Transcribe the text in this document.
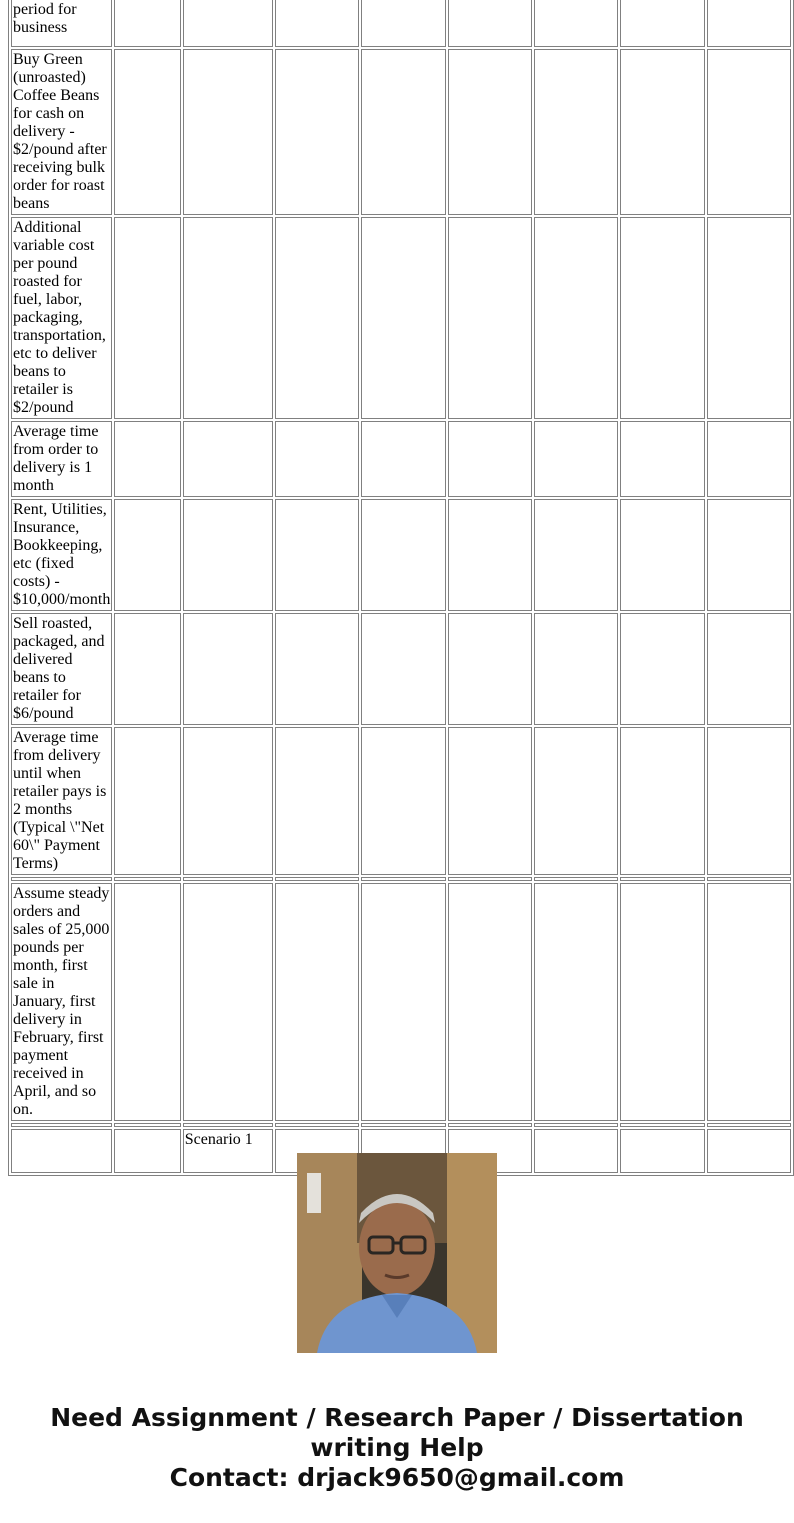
period for business								
Buy Green (unroasted) Coffee Beans for cash on delivery - $2/pound after receiving bulk order for roast beans								
Additional variable cost per pound roasted for fuel, labor, packaging, transportation, etc to deliver beans to retailer is $2/pound								
Average time from order to delivery is 1 month								
Rent, Utilities, Insurance, Bookkeeping, etc (fixed costs) - $10,000/month								
Sell roasted, packaged, and delivered beans to retailer for $6/pound								
Average time from delivery until when retailer pays is 2 months (Typical \"Net 60\" Payment Terms)								

Assume steady orders and sales of 25,000 pounds per month, first sale in January, first delivery in February, first payment received in April, and so on.								

		Scenario 1						
Need Assignment / Research Paper / Dissertation
writing Help
Contact: drjack9650@gmail.com
